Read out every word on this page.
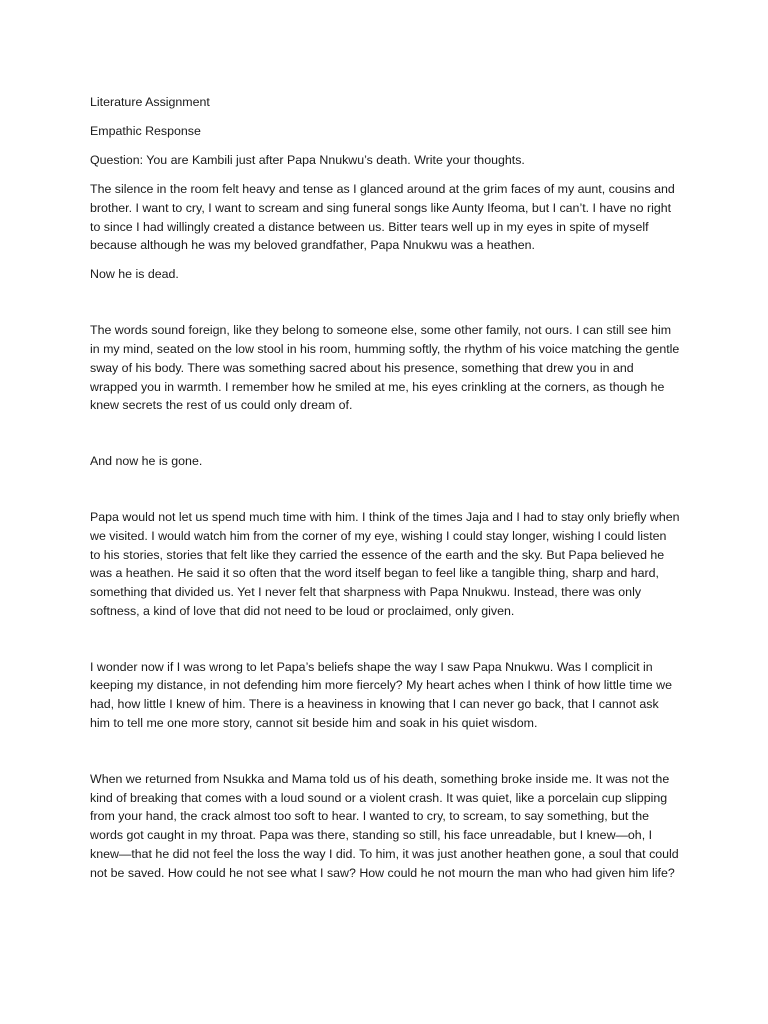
Literature Assignment

Empathic Response

Question: You are Kambili just after Papa Nnukwu’s death. Write your thoughts.

The silence in the room felt heavy and tense as I glanced around at the grim faces of my aunt, cousins and brother. I want to cry, I want to scream and sing funeral songs like Aunty Ifeoma, but I can’t. I have no right to since I had willingly created a distance between us. Bitter tears well up in my eyes in spite of myself because although he was my beloved grandfather, Papa Nnukwu was a heathen.

Now he is dead.

The words sound foreign, like they belong to someone else, some other family, not ours. I can still see him in my mind, seated on the low stool in his room, humming softly, the rhythm of his voice matching the gentle sway of his body. There was something sacred about his presence, something that drew you in and wrapped you in warmth. I remember how he smiled at me, his eyes crinkling at the corners, as though he knew secrets the rest of us could only dream of.

And now he is gone.

Papa would not let us spend much time with him. I think of the times Jaja and I had to stay only briefly when we visited. I would watch him from the corner of my eye, wishing I could stay longer, wishing I could listen to his stories, stories that felt like they carried the essence of the earth and the sky. But Papa believed he was a heathen. He said it so often that the word itself began to feel like a tangible thing, sharp and hard, something that divided us. Yet I never felt that sharpness with Papa Nnukwu. Instead, there was only softness, a kind of love that did not need to be loud or proclaimed, only given.

I wonder now if I was wrong to let Papa’s beliefs shape the way I saw Papa Nnukwu. Was I complicit in keeping my distance, in not defending him more fiercely? My heart aches when I think of how little time we had, how little I knew of him. There is a heaviness in knowing that I can never go back, that I cannot ask him to tell me one more story, cannot sit beside him and soak in his quiet wisdom.

When we returned from Nsukka and Mama told us of his death, something broke inside me. It was not the kind of breaking that comes with a loud sound or a violent crash. It was quiet, like a porcelain cup slipping from your hand, the crack almost too soft to hear. I wanted to cry, to scream, to say something, but the words got caught in my throat. Papa was there, standing so still, his face unreadable, but I knew—oh, I knew—that he did not feel the loss the way I did. To him, it was just another heathen gone, a soul that could not be saved. How could he not see what I saw? How could he not mourn the man who had given him life?
